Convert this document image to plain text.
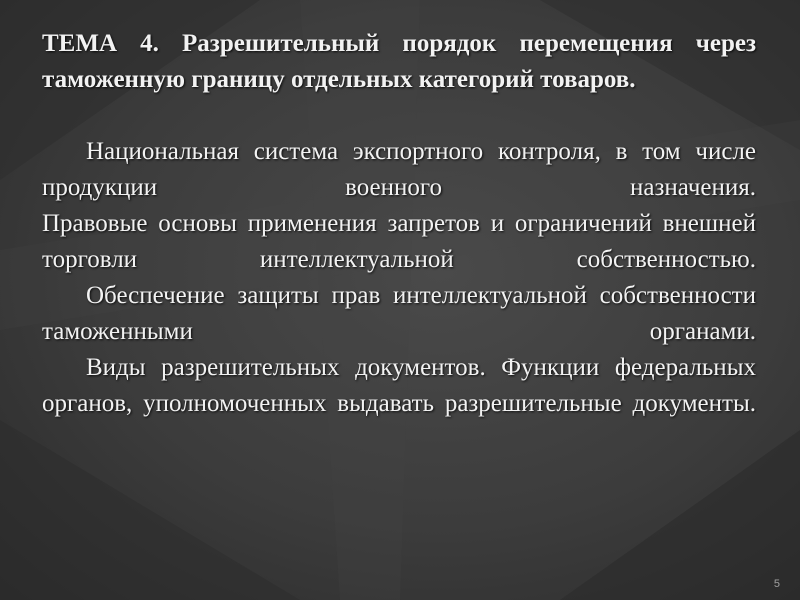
ТЕМА 4. Разрешительный порядок перемещения через таможенную границу отдельных категорий товаров.

Национальная система экспортного контроля, в том числе продукции военного назначения.

Правовые основы применения запретов и ограничений внешней торговли интеллектуальной собственностью.

Обеспечение защиты прав интеллектуальной собственности таможенными органами.

Виды разрешительных документов. Функции федеральных органов, уполномоченных выдавать разрешительные документы.

5
